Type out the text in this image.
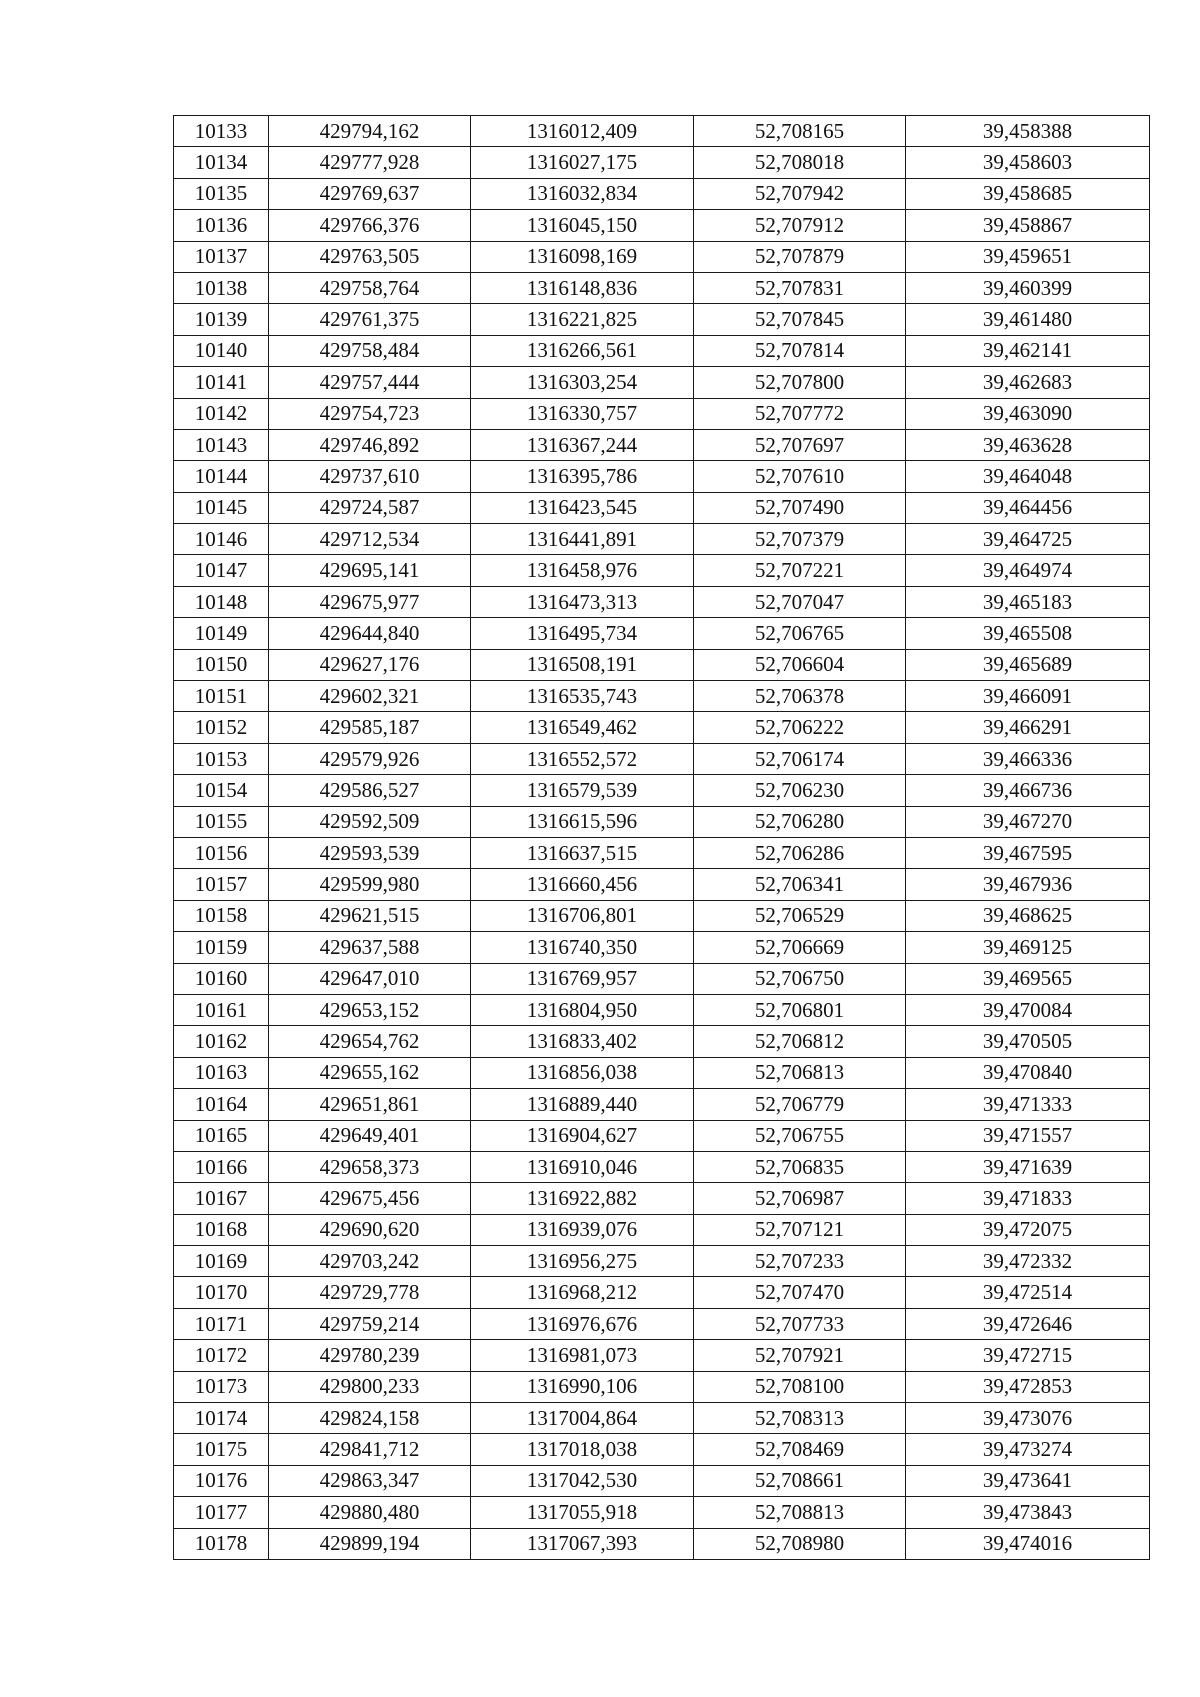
10133	429794,162	1316012,409	52,708165	39,458388
10134	429777,928	1316027,175	52,708018	39,458603
10135	429769,637	1316032,834	52,707942	39,458685
10136	429766,376	1316045,150	52,707912	39,458867
10137	429763,505	1316098,169	52,707879	39,459651
10138	429758,764	1316148,836	52,707831	39,460399
10139	429761,375	1316221,825	52,707845	39,461480
10140	429758,484	1316266,561	52,707814	39,462141
10141	429757,444	1316303,254	52,707800	39,462683
10142	429754,723	1316330,757	52,707772	39,463090
10143	429746,892	1316367,244	52,707697	39,463628
10144	429737,610	1316395,786	52,707610	39,464048
10145	429724,587	1316423,545	52,707490	39,464456
10146	429712,534	1316441,891	52,707379	39,464725
10147	429695,141	1316458,976	52,707221	39,464974
10148	429675,977	1316473,313	52,707047	39,465183
10149	429644,840	1316495,734	52,706765	39,465508
10150	429627,176	1316508,191	52,706604	39,465689
10151	429602,321	1316535,743	52,706378	39,466091
10152	429585,187	1316549,462	52,706222	39,466291
10153	429579,926	1316552,572	52,706174	39,466336
10154	429586,527	1316579,539	52,706230	39,466736
10155	429592,509	1316615,596	52,706280	39,467270
10156	429593,539	1316637,515	52,706286	39,467595
10157	429599,980	1316660,456	52,706341	39,467936
10158	429621,515	1316706,801	52,706529	39,468625
10159	429637,588	1316740,350	52,706669	39,469125
10160	429647,010	1316769,957	52,706750	39,469565
10161	429653,152	1316804,950	52,706801	39,470084
10162	429654,762	1316833,402	52,706812	39,470505
10163	429655,162	1316856,038	52,706813	39,470840
10164	429651,861	1316889,440	52,706779	39,471333
10165	429649,401	1316904,627	52,706755	39,471557
10166	429658,373	1316910,046	52,706835	39,471639
10167	429675,456	1316922,882	52,706987	39,471833
10168	429690,620	1316939,076	52,707121	39,472075
10169	429703,242	1316956,275	52,707233	39,472332
10170	429729,778	1316968,212	52,707470	39,472514
10171	429759,214	1316976,676	52,707733	39,472646
10172	429780,239	1316981,073	52,707921	39,472715
10173	429800,233	1316990,106	52,708100	39,472853
10174	429824,158	1317004,864	52,708313	39,473076
10175	429841,712	1317018,038	52,708469	39,473274
10176	429863,347	1317042,530	52,708661	39,473641
10177	429880,480	1317055,918	52,708813	39,473843
10178	429899,194	1317067,393	52,708980	39,474016
